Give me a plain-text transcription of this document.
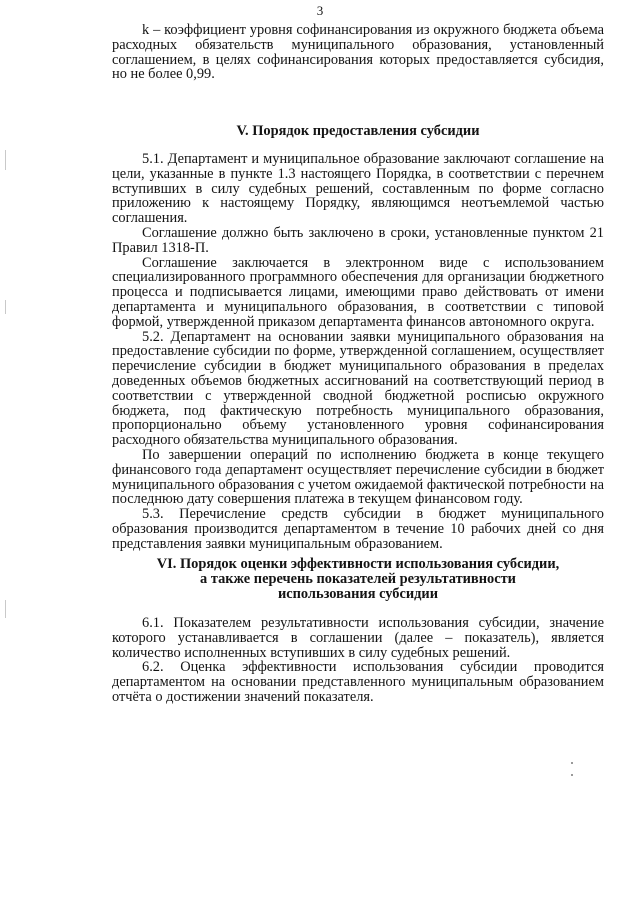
3

k – коэффициент уровня софинансирования из окружного бюджета объема расходных обязательств муниципального образования, установленный соглашением, в целях софинансирования которых предоставляется субсидия, но не более 0,99.

V. Порядок предоставления субсидии

5.1. Департамент и муниципальное образование заключают соглашение на цели, указанные в пункте 1.3 настоящего Порядка, в соответствии с перечнем вступивших в силу судебных решений, составленным по форме согласно приложению к настоящему Порядку, являющимся неотъемлемой частью соглашения.

Соглашение должно быть заключено в сроки, установленные пунктом 21 Правил 1318-П.

Соглашение заключается в электронном виде с использованием специализированного программного обеспечения для организации бюджетного процесса и подписывается лицами, имеющими право действовать от имени департамента и муниципального образования, в соответствии с типовой формой, утвержденной приказом департамента финансов автономного округа.

5.2. Департамент на основании заявки муниципального образования на предоставление субсидии по форме, утвержденной соглашением, осуществляет перечисление субсидии в бюджет муниципального образования в пределах доведенных объемов бюджетных ассигнований на соответствующий период в соответствии с утвержденной сводной бюджетной росписью окружного бюджета, под фактическую потребность муниципального образования, пропорционально объему установленного уровня софинансирования расходного обязательства муниципального образования.

По завершении операций по исполнению бюджета в конце текущего финансового года департамент осуществляет перечисление субсидии в бюджет муниципального образования с учетом ожидаемой фактической потребности на последнюю дату совершения платежа в текущем финансовом году.

5.3. Перечисление средств субсидии в бюджет муниципального образования производится департаментом в течение 10 рабочих дней со дня представления заявки муниципальным образованием.

VI. Порядок оценки эффективности использования субсидии,

а также перечень показателей результативности

использования субсидии

6.1. Показателем результативности использования субсидии, значение которого устанавливается в соглашении (далее – показатель), является количество исполненных вступивших в силу судебных решений.

6.2. Оценка эффективности использования субсидии проводится департаментом на основании представленного муниципальным образованием отчёта о достижении значений показателя.
